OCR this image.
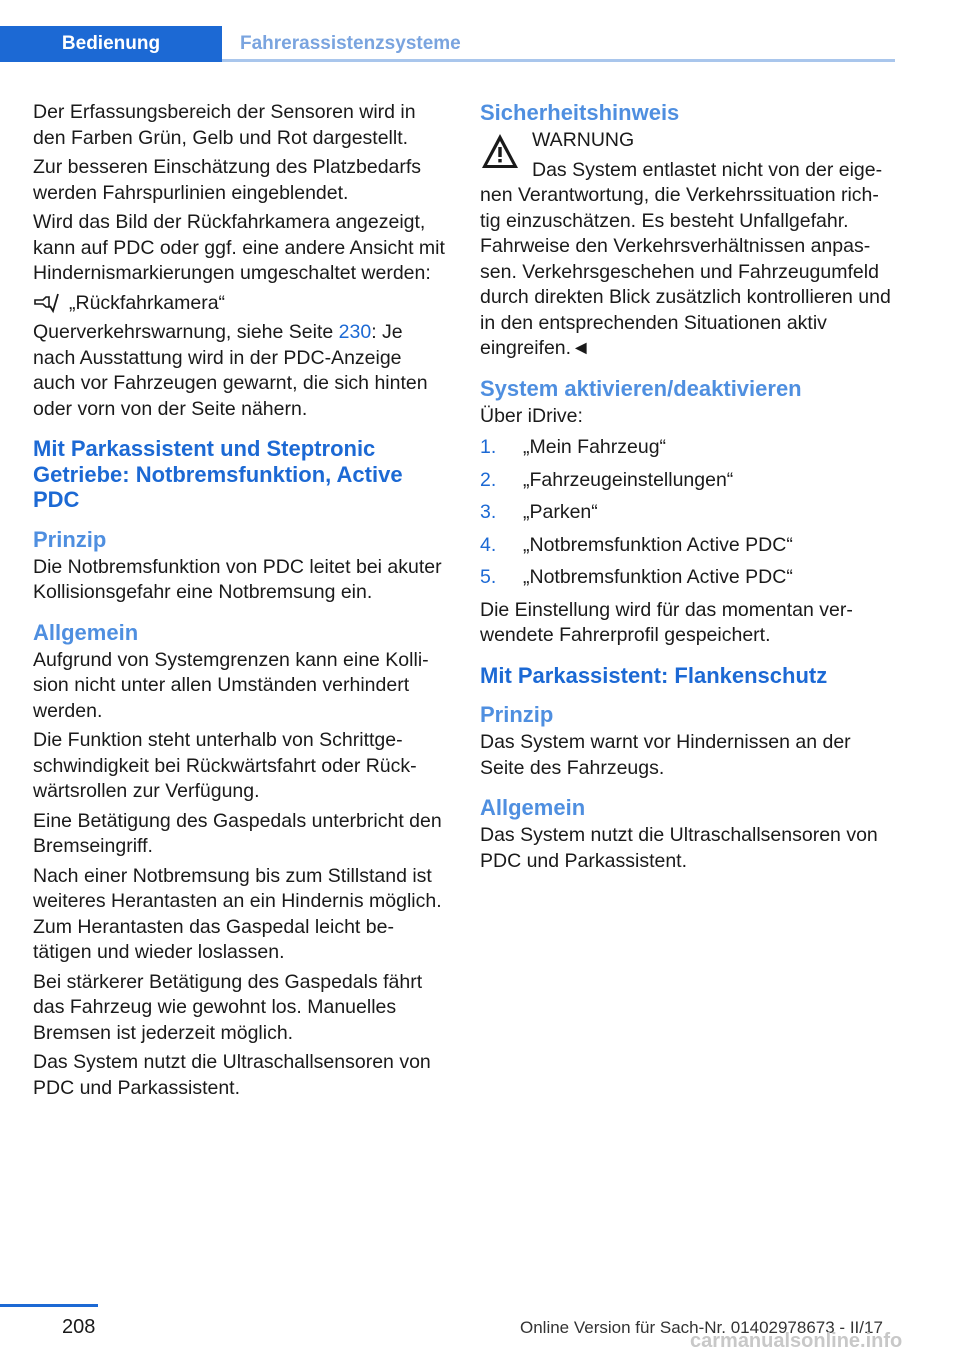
Bedienung	Fahrerassistenzsysteme

Der Erfassungsbereich der Sensoren wird in den Farben Grün, Gelb und Rot dargestellt.

Zur besseren Einschätzung des Platzbedarfs werden Fahrspurlinien eingeblendet.

Wird das Bild der Rückfahrkamera angezeigt, kann auf PDC oder ggf. eine andere Ansicht mit Hindernismarkierungen umgeschaltet werden:

„Rückfahrkamera“

Querverkehrswarnung, siehe Seite 230: Je nach Ausstattung wird in der PDC-Anzeige auch vor Fahrzeugen gewarnt, die sich hinten oder vorn von der Seite nähern.

Mit Parkassistent und Steptronic Getriebe: Notbremsfunktion, Active PDC
Prinzip

Die Notbremsfunktion von PDC leitet bei akuter Kollisionsgefahr eine Notbremsung ein.

Allgemein

Aufgrund von Systemgrenzen kann eine Kollision nicht unter allen Umständen verhindert werden.

Die Funktion steht unterhalb von Schrittgeschwindigkeit bei Rückwärtsfahrt oder Rückwärtsrollen zur Verfügung.

Eine Betätigung des Gaspedals unterbricht den Bremseingriff.

Nach einer Notbremsung bis zum Stillstand ist weiteres Herantasten an ein Hindernis möglich. Zum Herantasten das Gaspedal leicht betätigen und wieder loslassen.

Bei stärkerer Betätigung des Gaspedals fährt das Fahrzeug wie gewohnt los. Manuelles Bremsen ist jederzeit möglich.

Das System nutzt die Ultraschallsensoren von PDC und Parkassistent.

Sicherheitshinweis

WARNUNG

Das System entlastet nicht von der eigenen Verantwortung, die Verkehrssituation richtig einzuschätzen. Es besteht Unfallgefahr. Fahrweise den Verkehrsverhältnissen anpassen. Verkehrsgeschehen und Fahrzeugumfeld durch direkten Blick zusätzlich kontrollieren und in den entsprechenden Situationen aktiv eingreifen.◄

System aktivieren/deaktivieren

Über iDrive:

1.	„Mein Fahrzeug“
2.	„Fahrzeugeinstellungen“
3.	„Parken“
4.	„Notbremsfunktion Active PDC“
5.	„Notbremsfunktion Active PDC“

Die Einstellung wird für das momentan verwendete Fahrerprofil gespeichert.

Mit Parkassistent: Flankenschutz
Prinzip

Das System warnt vor Hindernissen an der Seite des Fahrzeugs.

Allgemein

Das System nutzt die Ultraschallsensoren von PDC und Parkassistent.

208	Online Version für Sach-Nr. 01402978673 - II/17
carmanualsonline.info
